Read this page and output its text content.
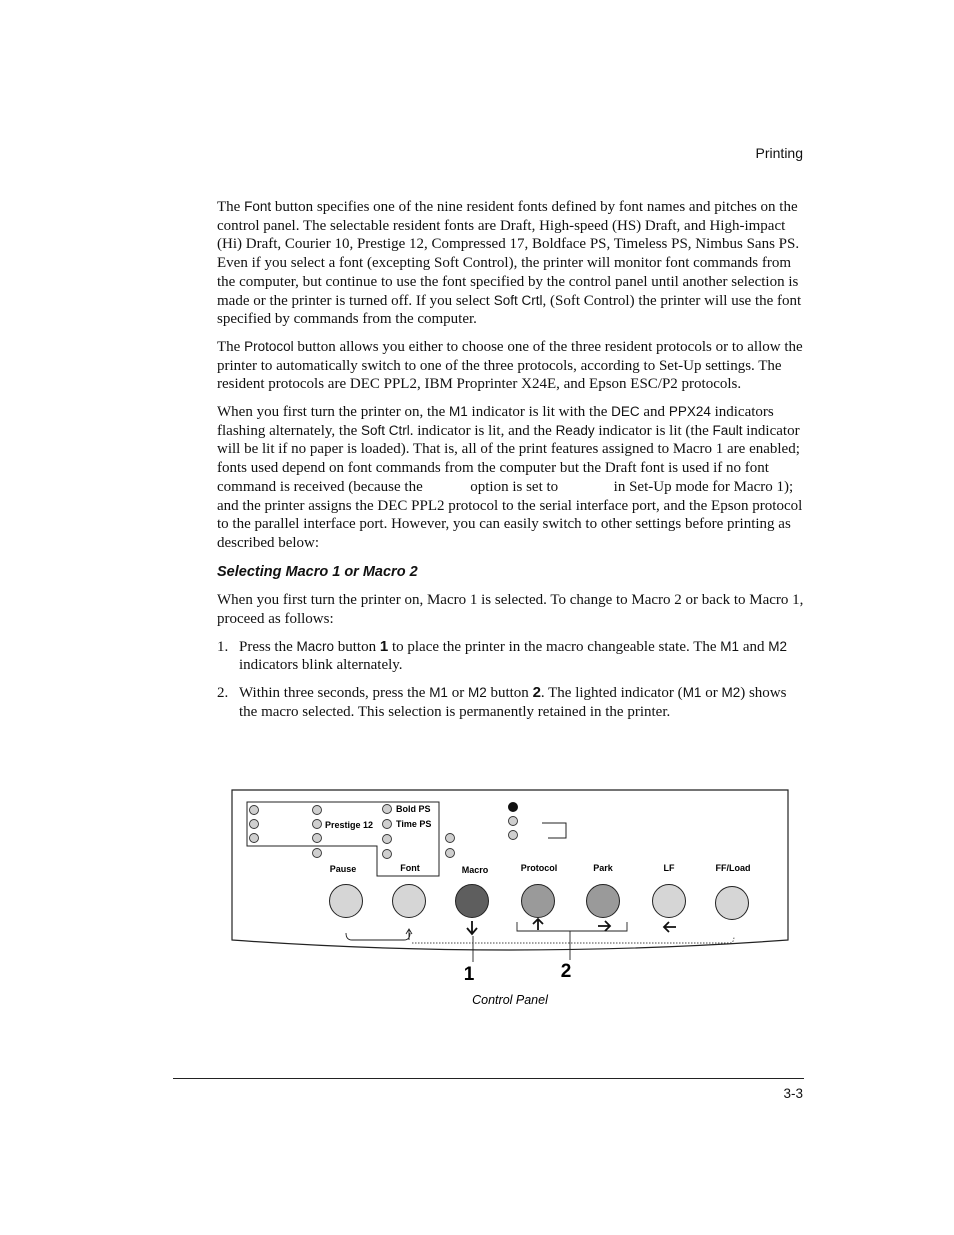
Printing

The Font button specifies one of the nine resident fonts defined by font names and pitches on the control panel. The selectable resident fonts are Draft, High-speed (HS) Draft, and High-impact (Hi) Draft, Courier 10, Prestige 12, Compressed 17, Boldface PS, Timeless PS, Nimbus Sans PS. Even if you select a font (excepting Soft Control), the printer will monitor font commands from the computer, but continue to use the font specified by the control panel until another selection is made or the printer is turned off. If you select Soft Crtl, (Soft Control) the printer will use the font specified by commands from the computer.

The Protocol button allows you either to choose one of the three resident protocols or to allow the printer to automatically switch to one of the three protocols, according to Set-Up settings. The resident protocols are DEC PPL2, IBM Proprinter X24E, and Epson ESC/P2 protocols.

When you first turn the printer on, the M1 indicator is lit with the DEC and PPX24 indicators flashing alternately, the Soft Ctrl. indicator is lit, and the Ready indicator is lit (the Fault indicator will be lit if no paper is loaded). That is, all of the print features assigned to Macro 1 are enabled; fonts used depend on font commands from the computer but the Draft font is used if no font command is received (because the	option is set to	in Set-Up mode for Macro 1); and the printer assigns the DEC PPL2 protocol to the serial interface port, and the Epson protocol to the parallel interface port. However, you can easily switch to other settings before printing as described below:

Selecting Macro 1 or Macro 2

When you first turn the printer on, Macro 1 is selected. To change to Macro 2 or back to Macro 1, proceed as follows:

1. Press the Macro button 1 to place the printer in the macro changeable state. The M1 and M2 indicators blink alternately.
2. Within three seconds, press the M1 or M2 button 2. The lighted indicator (M1 or M2) shows the macro selected. This selection is permanently retained in the printer.
Prestige 12
Bold PS
Time PS
Pause	Font	Macro	Protocol	Park	LF	FF/Load
1	2
Control Panel
3-3
